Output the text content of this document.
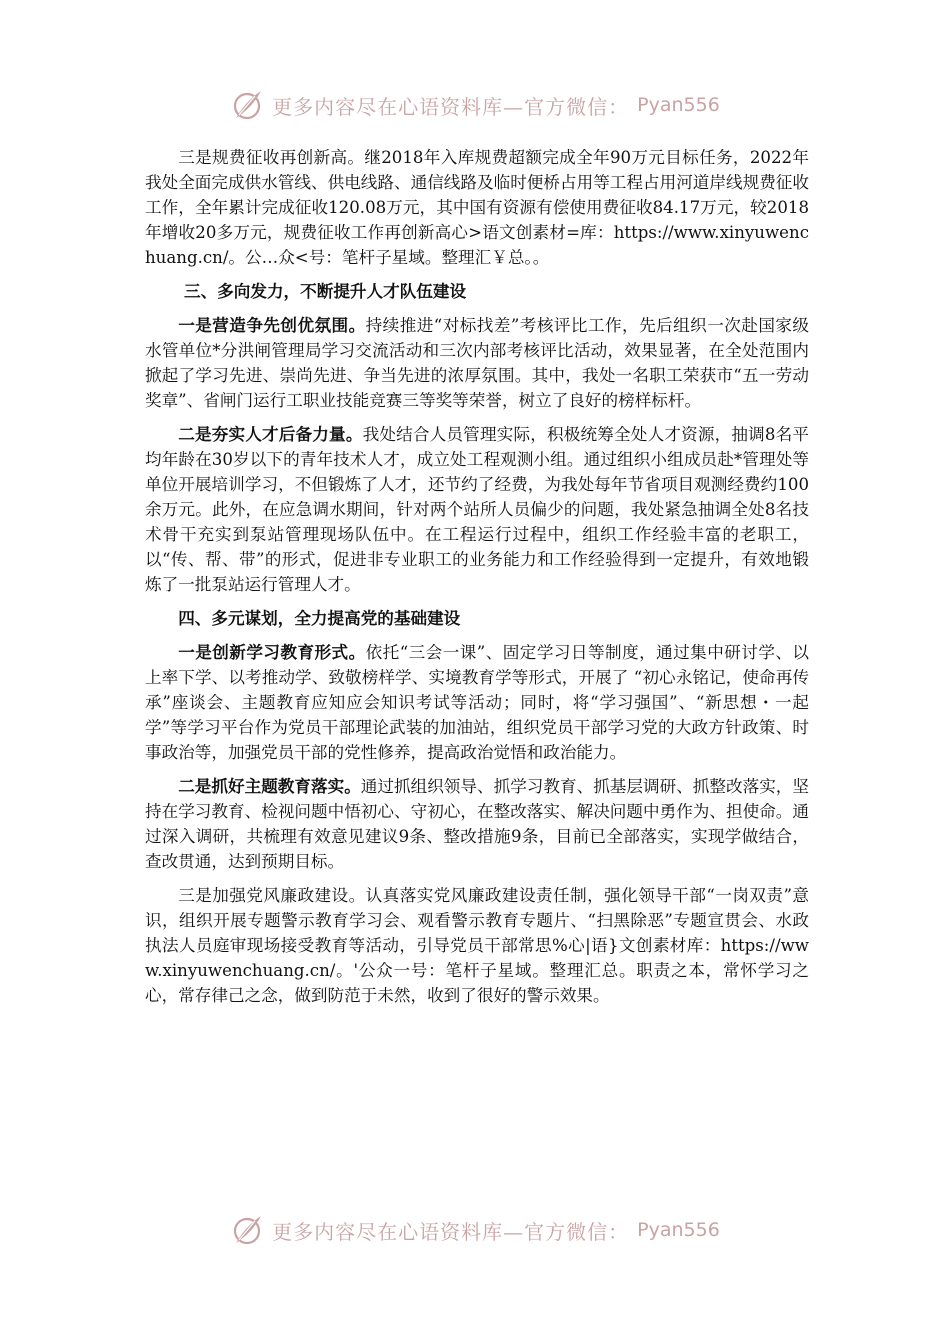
更多内容尽在心语资料库—官方微信： Pyan556

三是规费征收再创新高。继2018年入库规费超额完成全年90万元目标任务，2022年我处全面完成供水管线、供电线路、通信线路及临时便桥占用等工程占用河道岸线规费征收工作，全年累计完成征收120.08万元，其中国有资源有偿使用费征收84.17万元，较2018年增收20多万元，规费征收工作再创新高心>语文创素材=库：https://www.xinyuwenchuang.cn/。公…众<号：笔杆子星域。整理汇￥总。。

三、多向发力，不断提升人才队伍建设

一是营造争先创优氛围。持续推进“对标找差”考核评比工作，先后组织一次赴国家级水管单位*分洪闸管理局学习交流活动和三次内部考核评比活动，效果显著，在全处范围内掀起了学习先进、崇尚先进、争当先进的浓厚氛围。其中，我处一名职工荣获市“五一劳动奖章”、省闸门运行工职业技能竞赛三等奖等荣誉，树立了良好的榜样标杆。

二是夯实人才后备力量。我处结合人员管理实际，积极统筹全处人才资源，抽调8名平均年龄在30岁以下的青年技术人才，成立处工程观测小组。通过组织小组成员赴*管理处等单位开展培训学习，不但锻炼了人才，还节约了经费，为我处每年节省项目观测经费约100余万元。此外，在应急调水期间，针对两个站所人员偏少的问题，我处紧急抽调全处8名技术骨干充实到泵站管理现场队伍中。在工程运行过程中，组织工作经验丰富的老职工，以“传、帮、带”的形式，促进非专业职工的业务能力和工作经验得到一定提升，有效地锻炼了一批泵站运行管理人才。

四、多元谋划，全力提高党的基础建设

一是创新学习教育形式。依托“三会一课”、固定学习日等制度，通过集中研讨学、以上率下学、以考推动学、致敬榜样学、实境教育学等形式，开展了 “初心永铭记，使命再传承”座谈会、主题教育应知应会知识考试等活动；同时，将“学习强国”、“新思想・一起学”等学习平台作为党员干部理论武装的加油站，组织党员干部学习党的大政方针政策、时事政治等，加强党员干部的党性修养，提高政治觉悟和政治能力。

二是抓好主题教育落实。通过抓组织领导、抓学习教育、抓基层调研、抓整改落实，坚持在学习教育、检视问题中悟初心、守初心，在整改落实、解决问题中勇作为、担使命。通过深入调研，共梳理有效意见建议9条、整改措施9条，目前已全部落实，实现学做结合，查改贯通，达到预期目标。

三是加强党风廉政建设。认真落实党风廉政建设责任制，强化领导干部“一岗双责”意识，组织开展专题警示教育学习会、观看警示教育专题片、“扫黑除恶”专题宣贯会、水政执法人员庭审现场接受教育等活动，引导党员干部常思%心|语}文创素材库：https://www.xinyuwenchuang.cn/。'公众一号：笔杆子星域。整理汇总。职责之本，常怀学习之心，常存律己之念，做到防范于未然，收到了很好的警示效果。

更多内容尽在心语资料库—官方微信： Pyan556
